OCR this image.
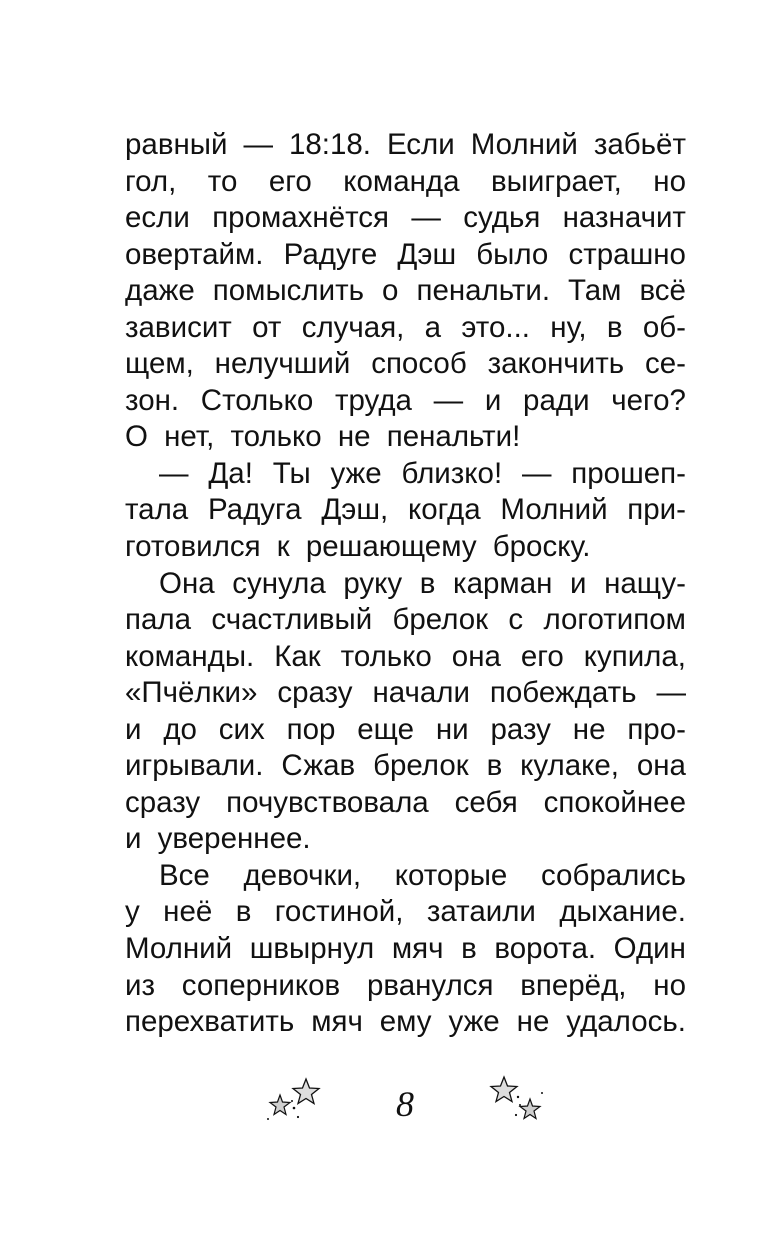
равный — 18:18. Если Молний забьёт
гол, то его команда выиграет, но
если промахнётся — судья назначит
овертайм. Радуге Дэш было страшно
даже помыслить о пенальти. Там всё
зависит от случая, а это... ну, в об-
щем, нелучший способ закончить се-
зон. Столько труда — и ради чего?
О нет, только не пенальти!
— Да! Ты уже близко! — прошеп-
тала Радуга Дэш, когда Молний при-
готовился к решающему броску.
Она сунула руку в карман и нащу-
пала счастливый брелок с логотипом
команды. Как только она его купила,
«Пчёлки» сразу начали побеждать —
и до сих пор еще ни разу не про-
игрывали. Сжав брелок в кулаке, она
сразу почувствовала себя спокойнее
и увереннее.
Все девочки, которые собрались
у неё в гостиной, затаили дыхание.
Молний швырнул мяч в ворота. Один
из соперников рванулся вперёд, но
перехватить мяч ему уже не удалось.
8
